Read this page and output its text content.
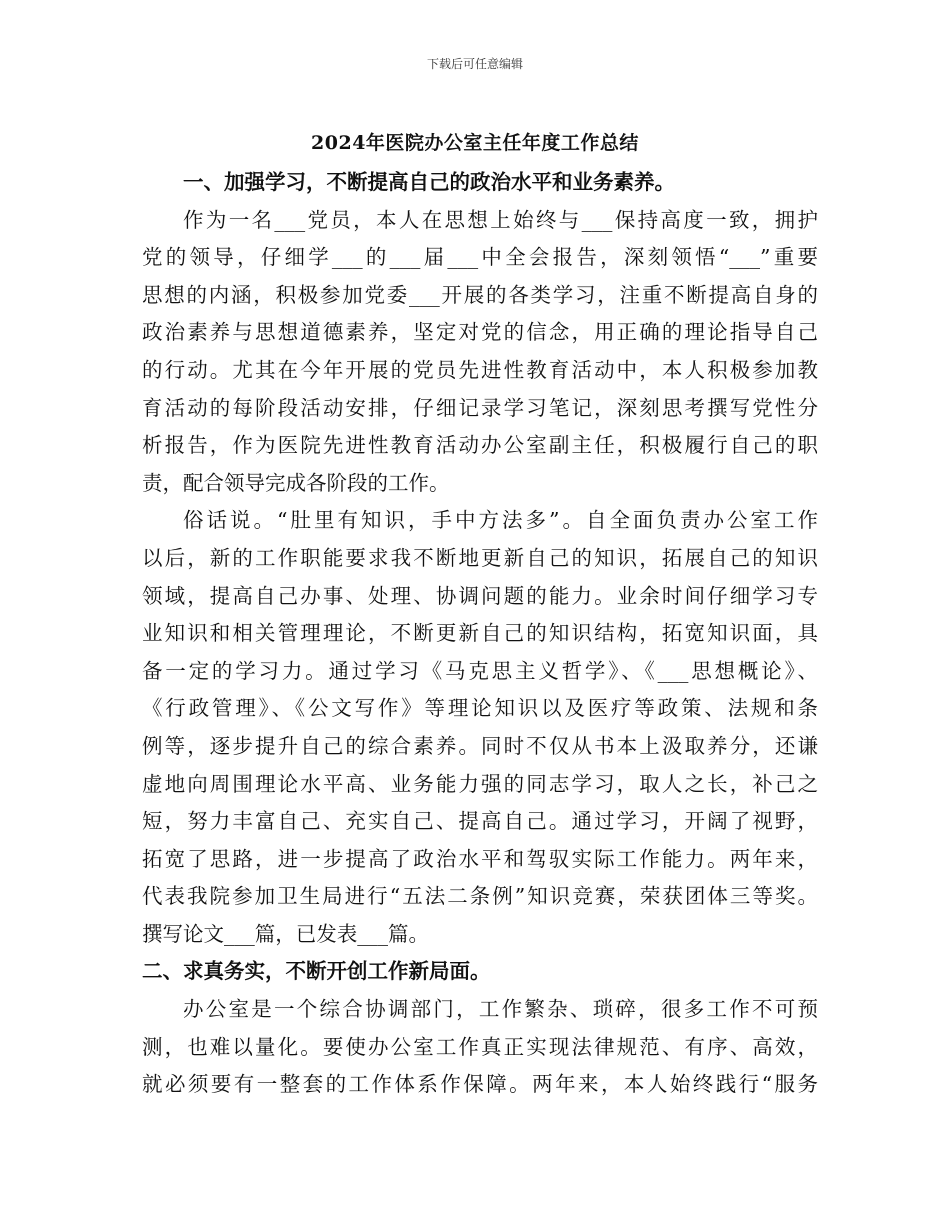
下载后可任意编辑
2024年医院办公室主任年度工作总结
一、加强学习，不断提高自己的政治水平和业务素养。
作为一名___党员，本人在思想上始终与___保持高度一致，拥护
党的领导，仔细学___的___届___中全会报告，深刻领悟“___”重要
思想的内涵，积极参加党委___开展的各类学习，注重不断提高自身的
政治素养与思想道德素养，坚定对党的信念，用正确的理论指导自己
的行动。尤其在今年开展的党员先进性教育活动中，本人积极参加教
育活动的每阶段活动安排，仔细记录学习笔记，深刻思考撰写党性分
析报告，作为医院先进性教育活动办公室副主任，积极履行自己的职
责，配合领导完成各阶段的工作。
俗话说。“肚里有知识，手中方法多”。自全面负责办公室工作
以后，新的工作职能要求我不断地更新自己的知识，拓展自己的知识
领域，提高自己办事、处理、协调问题的能力。业余时间仔细学习专
业知识和相关管理理论，不断更新自己的知识结构，拓宽知识面，具
备一定的学习力。通过学习《马克思主义哲学》、《___思想概论》、
《行政管理》、《公文写作》等理论知识以及医疗等政策、法规和条
例等，逐步提升自己的综合素养。同时不仅从书本上汲取养分，还谦
虚地向周围理论水平高、业务能力强的同志学习，取人之长，补己之
短，努力丰富自己、充实自己、提高自己。通过学习，开阔了视野，
拓宽了思路，进一步提高了政治水平和驾驭实际工作能力。两年来，
代表我院参加卫生局进行“五法二条例”知识竞赛，荣获团体三等奖。
撰写论文___篇，已发表___篇。
二、求真务实，不断开创工作新局面。
办公室是一个综合协调部门，工作繁杂、琐碎，很多工作不可预
测，也难以量化。要使办公室工作真正实现法律规范、有序、高效，
就必须要有一整套的工作体系作保障。两年来，本人始终践行“服务
